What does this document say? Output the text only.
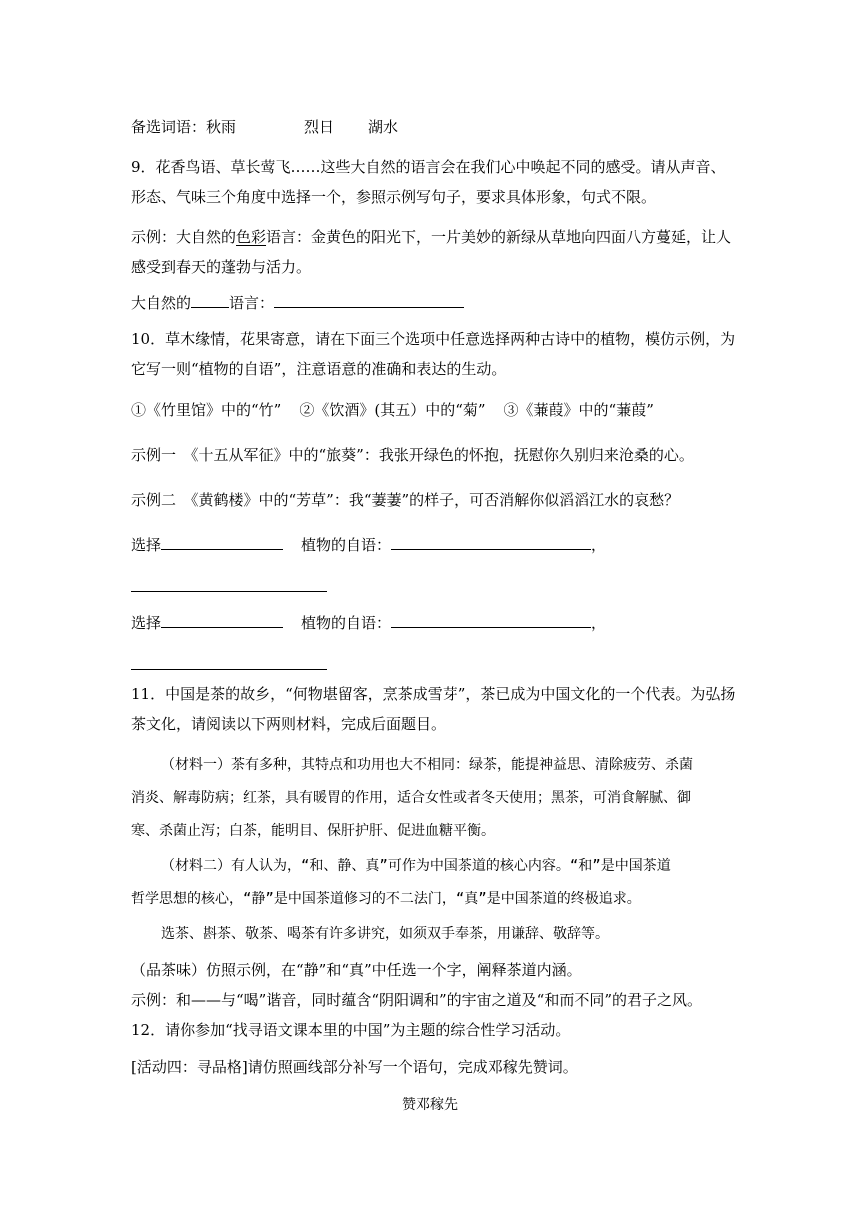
备选词语：秋雨	烈日 湖水
9．花香鸟语、草长莺飞……这些大自然的语言会在我们心中唤起不同的感受。请从声音、
形态、气味三个角度中选择一个，参照示例写句子，要求具体形象，句式不限。
示例：大自然的色彩语言：金黄色的阳光下，一片美妙的新绿从草地向四面八方蔓延，让人
感受到春天的蓬勃与活力。
大自然的	语言：
10．草木缘情，花果寄意，请在下面三个选项中任意选择两种古诗中的植物，模仿示例，为
它写一则“植物的自语”，注意语意的准确和表达的生动。
①《竹里馆》中的“竹” ②《饮酒》(其五）中的“菊” ③《蒹葭》中的“蒹葭”
示例一　《十五从军征》中的“旅葵”：我张开绿色的怀抱，抚慰你久别归来沧桑的心。
示例二　《黄鹤楼》中的“芳草”：我“萋萋”的样子，可否消解你似滔滔江水的哀愁？
选择	植物的自语：	，
选择	植物的自语：	，
11．中国是茶的故乡，“何物堪留客，烹茶成雪芽”，茶已成为中国文化的一个代表。为弘扬
茶文化，请阅读以下两则材料，完成后面题目。
（材料一）茶有多种，其特点和功用也大不相同：绿茶，能提神益思、清除疲劳、杀菌
消炎、解毒防病；红茶，具有暖胃的作用，适合女性或者冬天使用；黑茶，可消食解腻、御
寒、杀菌止泻；白茶，能明目、保肝护肝、促进血糖平衡。
（材料二）有人认为，“和、静、真”可作为中国茶道的核心内容。“和”是中国茶道
哲学思想的核心，“静”是中国茶道修习的不二法门，“真”是中国茶道的终极追求。
选茶、斟茶、敬茶、喝茶有许多讲究，如须双手奉茶，用谦辞、敬辞等。
（品茶味）仿照示例，在“静”和“真”中任选一个字，阐释茶道内涵。
示例：和——与“喝”谐音，同时蕴含“阴阳调和”的宇宙之道及“和而不同”的君子之风。
12．请你参加“找寻语文课本里的中国”为主题的综合性学习活动。
[活动四：寻品格]请仿照画线部分补写一个语句，完成邓稼先赞词。
赞邓稼先
